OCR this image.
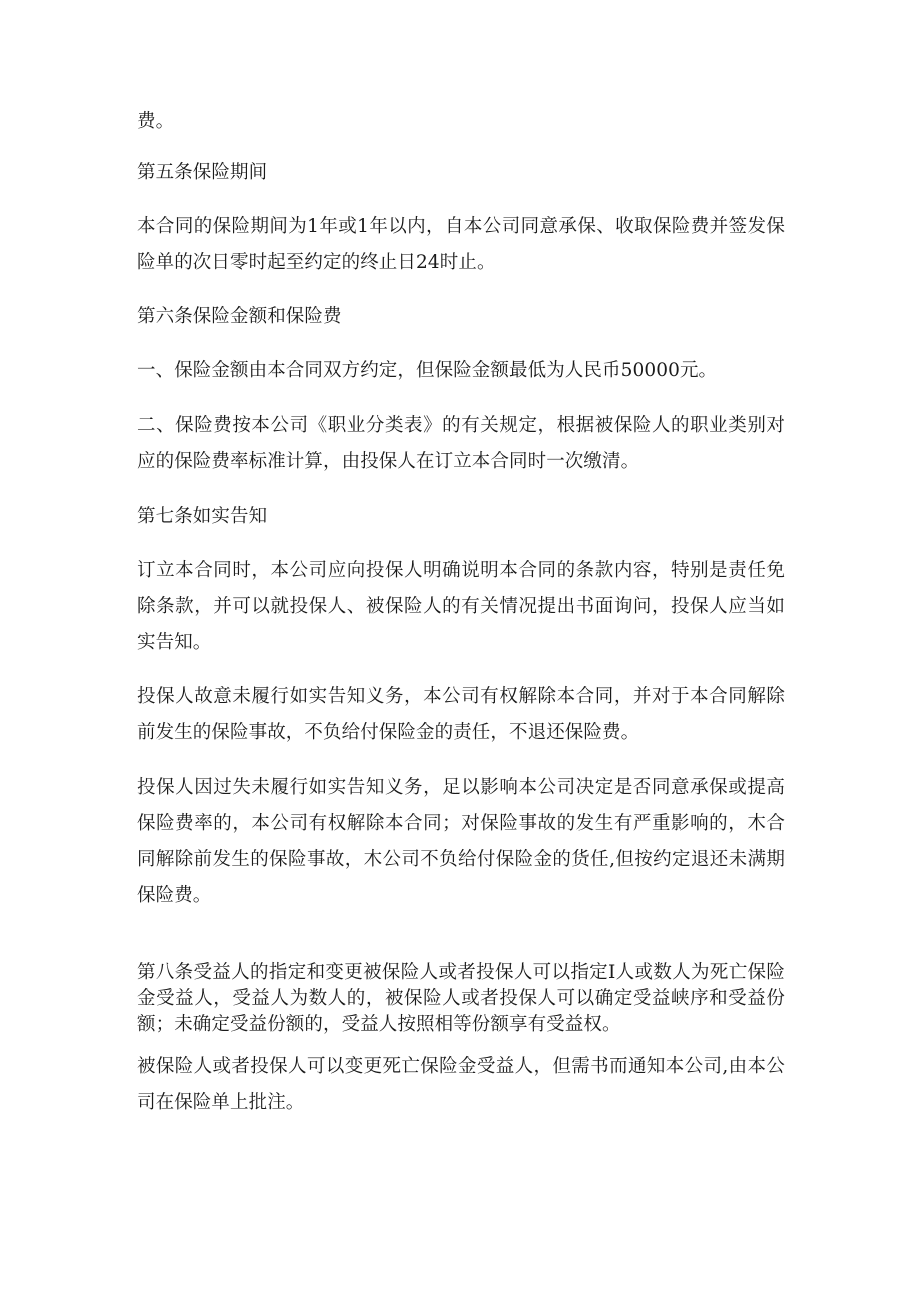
费。

第五条保险期间

本合同的保险期间为1年或1年以内，自本公司同意承保、收取保险费并签发保险单的次日零时起至约定的终止日24时止。

第六条保险金额和保险费

一、保险金额由本合同双方约定，但保险金额最低为人民币50000元。

二、保险费按本公司《职业分类表》的有关规定，根据被保险人的职业类别对应的保险费率标准计算，由投保人在订立本合同时一次缴清。

第七条如实告知

订立本合同时，本公司应向投保人明确说明本合同的条款内容，特别是责任免除条款，并可以就投保人、被保险人的有关情况提出书面询问，投保人应当如实告知。

投保人故意未履行如实告知义务，本公司有权解除本合同，并对于本合同解除前发生的保险事故，不负给付保险金的责任，不退还保险费。

投保人因过失未履行如实告知义务，足以影响本公司决定是否同意承保或提高保险费率的，本公司有权解除本合同；对保险事故的发生有严重影响的，木合同解除前发生的保险事故，木公司不负给付保险金的货任,但按约定退还未满期保险费。

第八条受益人的指定和变更被保险人或者投保人可以指定I人或数人为死亡保险金受益人，受益人为数人的，被保险人或者投保人可以确定受益峡序和受益份额；未确定受益份额的，受益人按照相等份额享有受益权。

被保险人或者投保人可以变更死亡保险金受益人，但需书而通知本公司,由本公司在保险单上批注。
